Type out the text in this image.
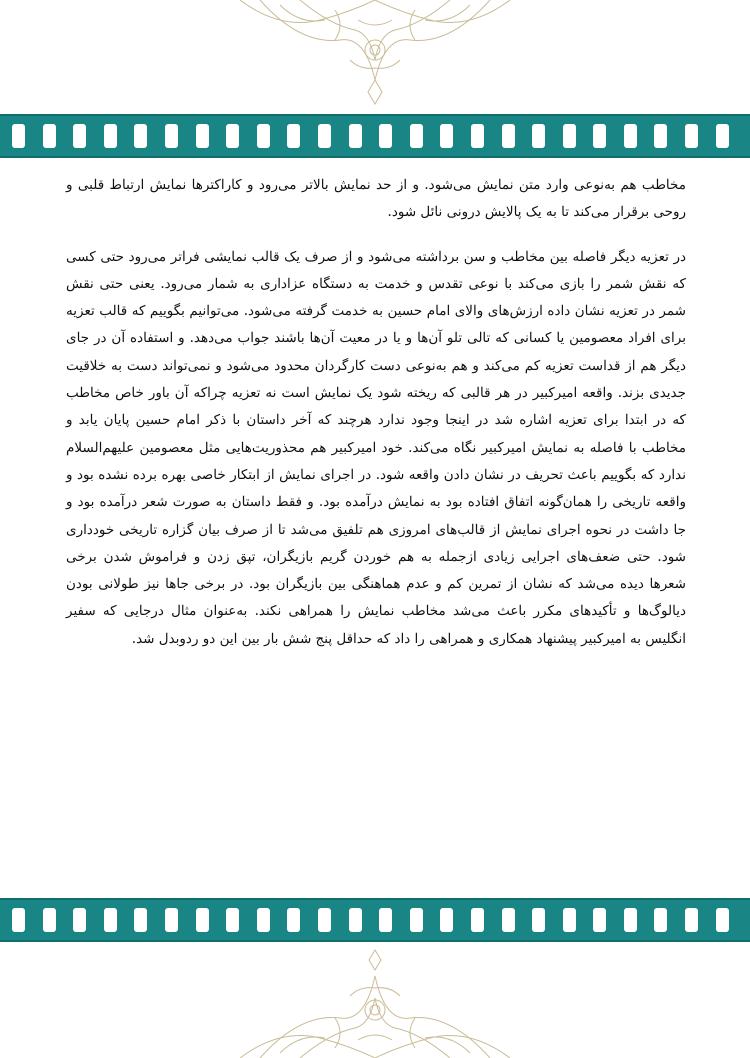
مخاطب هم به‌نوعی وارد متن نمایش می‌شود. و از حد نمایش بالاتر می‌رود و کاراکترها نمایش ارتباط قلبی و روحی برقرار می‌کند تا به یک پالایش درونی نائل شود.

در تعزیه دیگر فاصله بین مخاطب و سن برداشته می‌شود و از صرف یک قالب نمایشی فراتر می‌رود حتی کسی که نقش شمر را بازی می‌کند با نوعی تقدس و خدمت به دستگاه عزاداری به شمار می‌رود. یعنی حتی نقش شمر در تعزیه نشان داده ارزش‌های والای امام حسین به خدمت گرفته می‌شود. می‌توانیم بگوییم که قالب تعزیه برای افراد معصومین یا کسانی که تالی تلو آن‌ها و یا در معیت آن‌ها باشند جواب می‌دهد. و استفاده آن در جای دیگر هم از قداست تعزیه کم می‌کند و هم به‌نوعی دست کارگردان محدود می‌شود و نمی‌تواند دست به خلاقیت جدیدی بزند. واقعه امیرکبیر در هر قالبی که ریخته شود یک نمایش است نه تعزیه چراکه آن باور خاص مخاطب که در ابتدا برای تعزیه اشاره شد در اینجا وجود ندارد هرچند که آخر داستان با ذکر امام حسین پایان یابد و مخاطب با فاصله به نمایش امیرکبیر نگاه می‌کند. خود امیرکبیر هم محذوریت‌هایی مثل معصومین علیهم‌السلام ندارد که بگوییم باعث تحریف در نشان دادن واقعه شود. در اجرای نمایش از ابتکار خاصی بهره برده نشده بود و واقعه تاریخی را همان‌گونه اتفاق افتاده بود به نمایش درآمده بود. و فقط داستان به صورت شعر درآمده بود و جا داشت در نحوه اجرای نمایش از قالب‌های امروزی هم تلفیق می‌شد تا از صرف بیان گزاره تاریخی خودداری شود. حتی ضعف‌های اجرایی زیادی ازجمله به هم خوردن گریم بازیگران، تپق زدن و فراموش شدن برخی شعرها دیده می‌شد که نشان از تمرین کم و عدم هماهنگی بین بازیگران بود. در برخی جاها نیز طولانی بودن دیالوگ‌ها و تأکیدهای مکرر باعث می‌شد مخاطب نمایش را همراهی نکند. به‌عنوان مثال درجایی که سفیر انگلیس به امیرکبیر پیشنهاد همکاری و همراهی را داد که حداقل پنج شش بار بین این دو ردوبدل شد.
